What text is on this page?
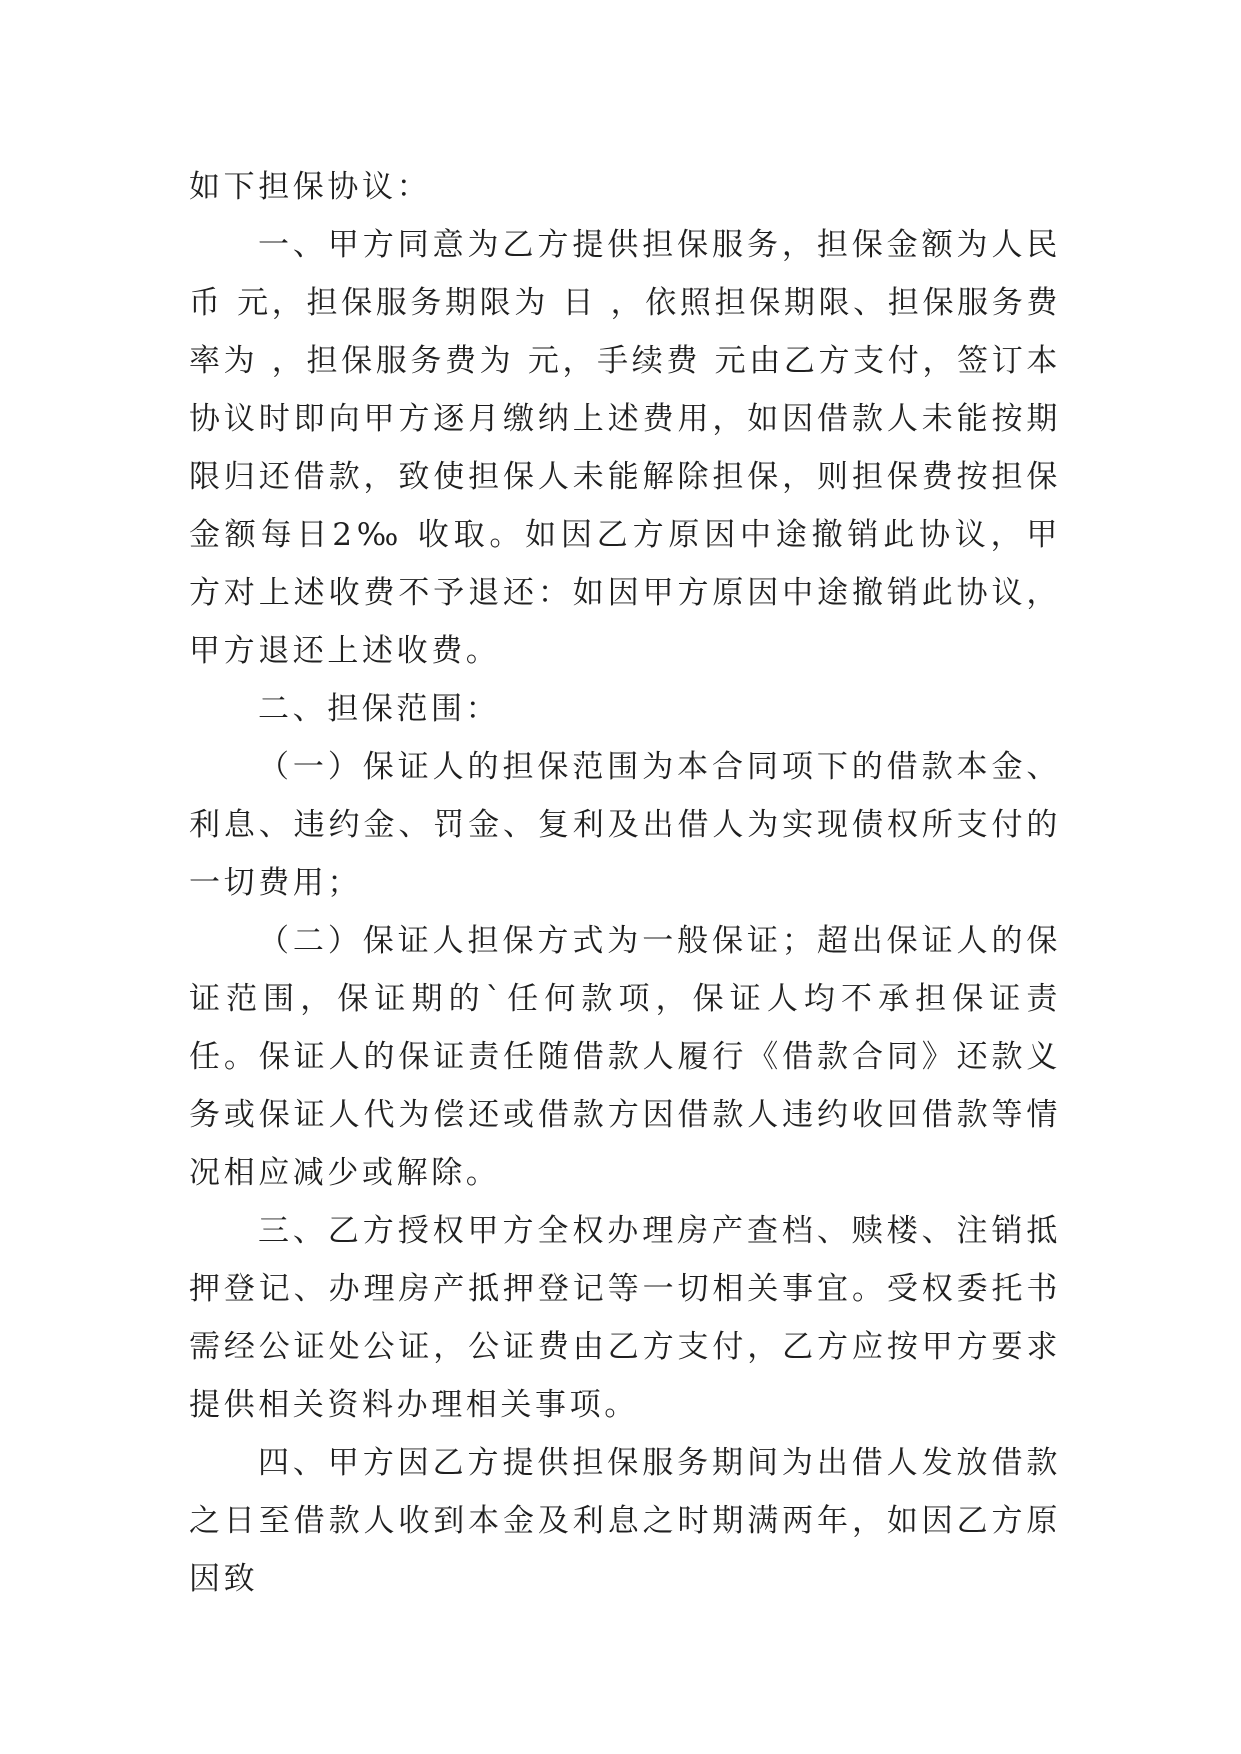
如下担保协议：

一、甲方同意为乙方提供担保服务，担保金额为人民币 元，担保服务期限为 日 ，依照担保期限、担保服务费率为 ，担保服务费为 元，手续费 元由乙方支付，签订本协议时即向甲方逐月缴纳上述费用，如因借款人未能按期限归还借款，致使担保人未能解除担保，则担保费按担保金额每日2‰ 收取。如因乙方原因中途撤销此协议，甲方对上述收费不予退还：如因甲方原因中途撤销此协议，甲方退还上述收费。

二、担保范围：

（一）保证人的担保范围为本合同项下的借款本金、利息、违约金、罚金、复利及出借人为实现债权所支付的一切费用；

（二）保证人担保方式为一般保证；超出保证人的保证范围，保证期的`任何款项，保证人均不承担保证责任。保证人的保证责任随借款人履行《借款合同》还款义务或保证人代为偿还或借款方因借款人违约收回借款等情况相应减少或解除。

三、乙方授权甲方全权办理房产查档、赎楼、注销抵押登记、办理房产抵押登记等一切相关事宜。受权委托书需经公证处公证，公证费由乙方支付，乙方应按甲方要求提供相关资料办理相关事项。

四、甲方因乙方提供担保服务期间为出借人发放借款之日至借款人收到本金及利息之时期满两年，如因乙方原因致
